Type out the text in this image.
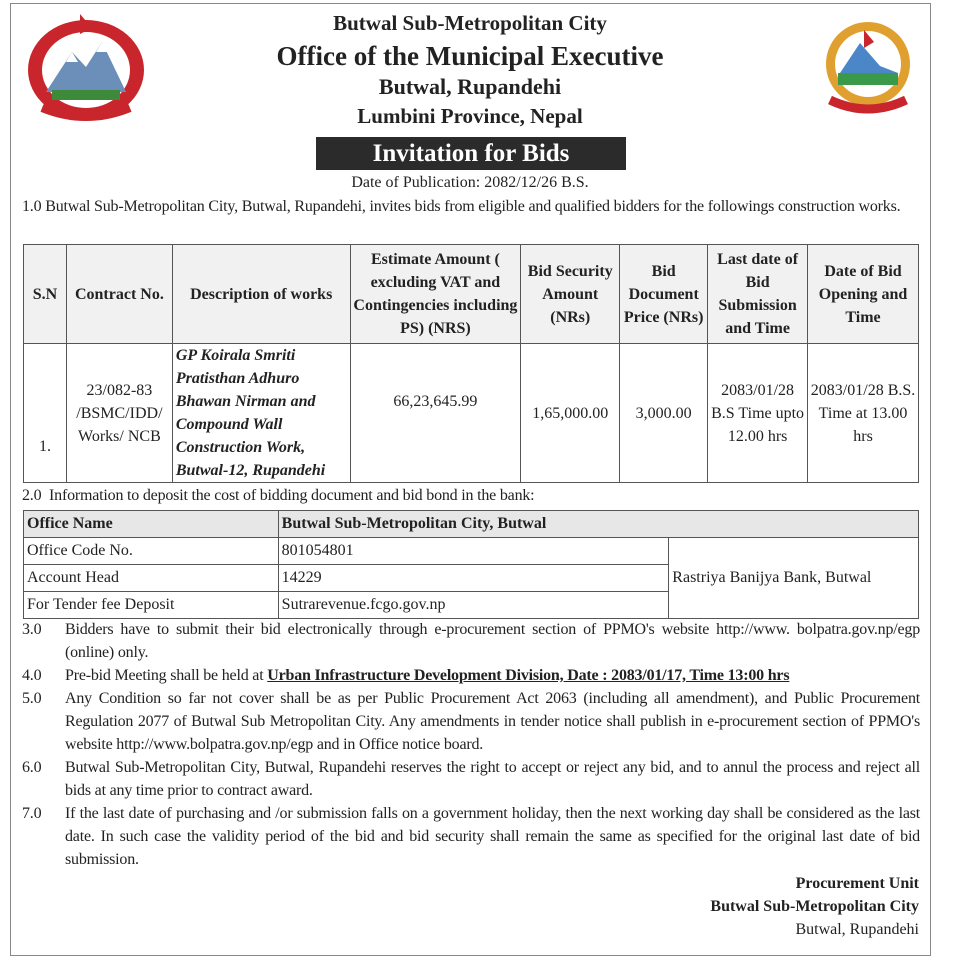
Butwal Sub-Metropolitan City
Office of the Municipal Executive
Butwal, Rupandehi
Lumbini Province, Nepal
Invitation for Bids
Date of Publication: 2082/12/26 B.S.
1.0 Butwal Sub-Metropolitan City, Butwal, Rupandehi, invites bids from eligible and qualified bidders for the followings construction works.
S.N	Contract No.	Description of works	Estimate Amount ( excluding VAT and Contingencies including PS) (NRS)	Bid Security Amount (NRs)	Bid Document Price (NRs)	Last date of Bid Submission and Time	Date of Bid Opening and Time
1.	23/082-83 /BSMC/IDD/ Works/ NCB	GP Koirala Smriti Pratisthan Adhuro Bhawan Nirman and Compound Wall Construction Work, Butwal-12, Rupandehi	66,23,645.99	1,65,000.00	3,000.00	2083/01/28 B.S Time upto 12.00 hrs	2083/01/28 B.S. Time at 13.00 hrs
2.0 Information to deposit the cost of bidding document and bid bond in the bank:
Office Name	Butwal Sub-Metropolitan City, Butwal	
Office Code No.	801054801	Rastriya Banijya Bank, Butwal
Account Head	14229	
For Tender fee Deposit	Sutrarevenue.fcgo.gov.np	
3.0 Bidders have to submit their bid electronically through e-procurement section of PPMO's website http://www. bolpatra.gov.np/egp (online) only.
4.0 Pre-bid Meeting shall be held at Urban Infrastructure Development Division, Date : 2083/01/17, Time 13:00 hrs
5.0 Any Condition so far not cover shall be as per Public Procurement Act 2063 (including all amendment), and Public Procurement Regulation 2077 of Butwal Sub Metropolitan City. Any amendments in tender notice shall publish in e-procurement section of PPMO's website http://www.bolpatra.gov.np/egp and in Office notice board.
6.0 Butwal Sub-Metropolitan City, Butwal, Rupandehi reserves the right to accept or reject any bid, and to annul the process and reject all bids at any time prior to contract award.
7.0 If the last date of purchasing and /or submission falls on a government holiday, then the next working day shall be considered as the last date. In such case the validity period of the bid and bid security shall remain the same as specified for the original last date of bid submission.
Procurement Unit
Butwal Sub-Metropolitan City
Butwal, Rupandehi
